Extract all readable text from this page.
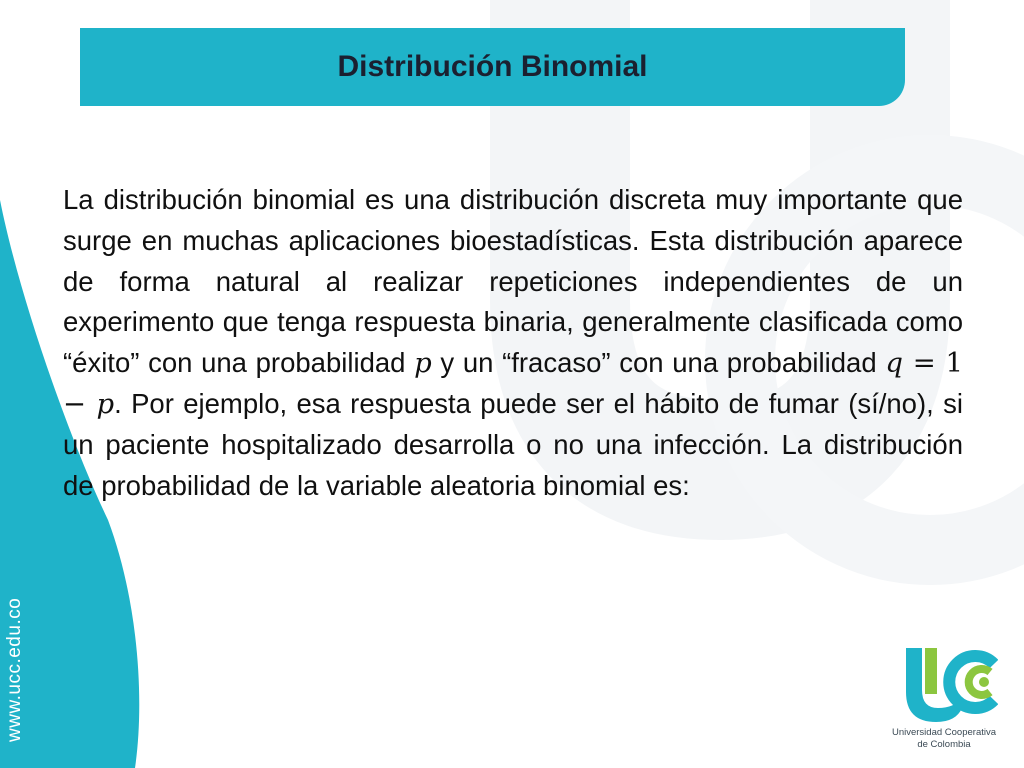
www.ucc.edu.co
Distribución Binomial

La distribución binomial es una distribución discreta muy importante que surge en muchas aplicaciones bioestadísticas. Esta distribución aparece de forma natural al realizar repeticiones independientes de un experimento que tenga respuesta binaria, generalmente clasificada como “éxito” con una probabilidad p y un “fracaso” con una probabilidad q = 1 − p. Por ejemplo, esa respuesta puede ser el hábito de fumar (sí/no), si un paciente hospitalizado desarrolla o no una infección. La distribución de probabilidad de la variable aleatoria binomial es:

Universidad Cooperativa
de Colombia
